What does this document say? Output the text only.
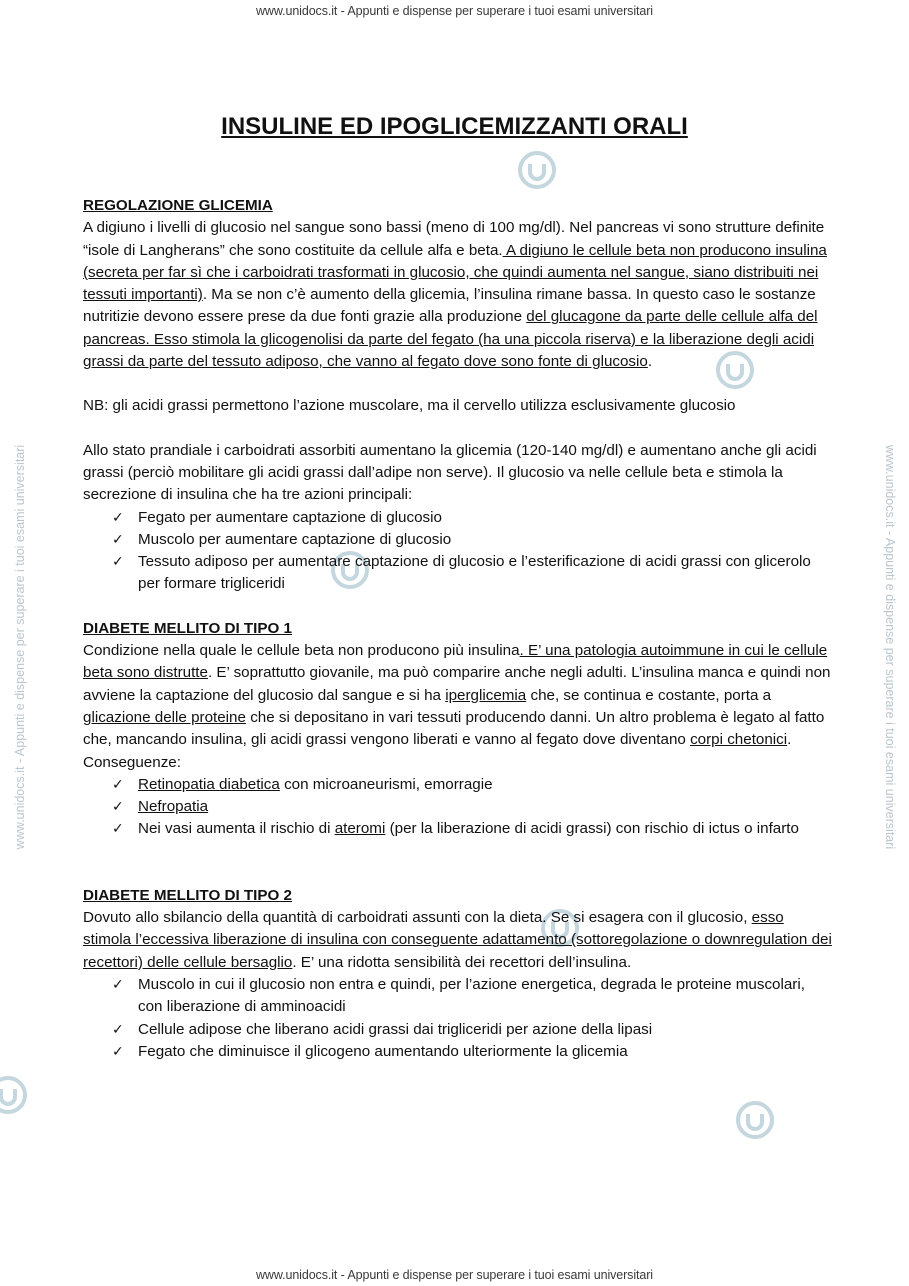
www.unidocs.it - Appunti e dispense per superare i tuoi esami universitari
www.unidocs.it - Appunti e dispense per superare i tuoi esami universitari
www.unidocs.it - Appunti e dispense per superare i tuoi esami universitari	www.unidocs.it - Appunti e dispense per superare i tuoi esami universitari
INSULINE ED IPOGLICEMIZZANTI ORALI

REGOLAZIONE GLICEMIA

A digiuno i livelli di glucosio nel sangue sono bassi (meno di 100 mg/dl). Nel pancreas vi sono strutture definite “isole di Langherans” che sono costituite da cellule alfa e beta. A digiuno le cellule beta non producono insulina (secreta per far sì che i carboidrati trasformati in glucosio, che quindi aumenta nel sangue, siano distribuiti nei tessuti importanti). Ma se non c’è aumento della glicemia, l’insulina rimane bassa. In questo caso le sostanze nutritizie devono essere prese da due fonti grazie alla produzione del glucagone da parte delle cellule alfa del pancreas. Esso stimola la glicogenolisi da parte del fegato (ha una piccola riserva) e la liberazione degli acidi grassi da parte del tessuto adiposo, che vanno al fegato dove sono fonte di glucosio.

NB: gli acidi grassi permettono l’azione muscolare, ma il cervello utilizza esclusivamente glucosio

Allo stato prandiale i carboidrati assorbiti aumentano la glicemia (120-140 mg/dl) e aumentano anche gli acidi grassi (perciò mobilitare gli acidi grassi dall’adipe non serve). Il glucosio va nelle cellule beta e stimola la secrezione di insulina che ha tre azioni principali:

✓ Fegato per aumentare captazione di glucosio
✓ Muscolo per aumentare captazione di glucosio
✓ Tessuto adiposo per aumentare captazione di glucosio e l’esterificazione di acidi grassi con glicerolo per formare trigliceridi

DIABETE MELLITO DI TIPO 1

Condizione nella quale le cellule beta non producono più insulina. E’ una patologia autoimmune in cui le cellule beta sono distrutte. E’ soprattutto giovanile, ma può comparire anche negli adulti. L’insulina manca e quindi non avviene la captazione del glucosio dal sangue e si ha iperglicemia che, se continua e costante, porta a glicazione delle proteine che si depositano in vari tessuti producendo danni. Un altro problema è legato al fatto che, mancando insulina, gli acidi grassi vengono liberati e vanno al fegato dove diventano corpi chetonici. Conseguenze:

✓ Retinopatia diabetica con microaneurismi, emorragie
✓ Nefropatia
✓ Nei vasi aumenta il rischio di ateromi (per la liberazione di acidi grassi) con rischio di ictus o infarto

DIABETE MELLITO DI TIPO 2

Dovuto allo sbilancio della quantità di carboidrati assunti con la dieta. Se si esagera con il glucosio, esso stimola l’eccessiva liberazione di insulina con conseguente adattamento (sottoregolazione o downregulation dei recettori) delle cellule bersaglio. E’ una ridotta sensibilità dei recettori dell’insulina.

✓ Muscolo in cui il glucosio non entra e quindi, per l’azione energetica, degrada le proteine muscolari, con liberazione di amminoacidi
✓ Cellule adipose che liberano acidi grassi dai trigliceridi per azione della lipasi
✓ Fegato che diminuisce il glicogeno aumentando ulteriormente la glicemia
